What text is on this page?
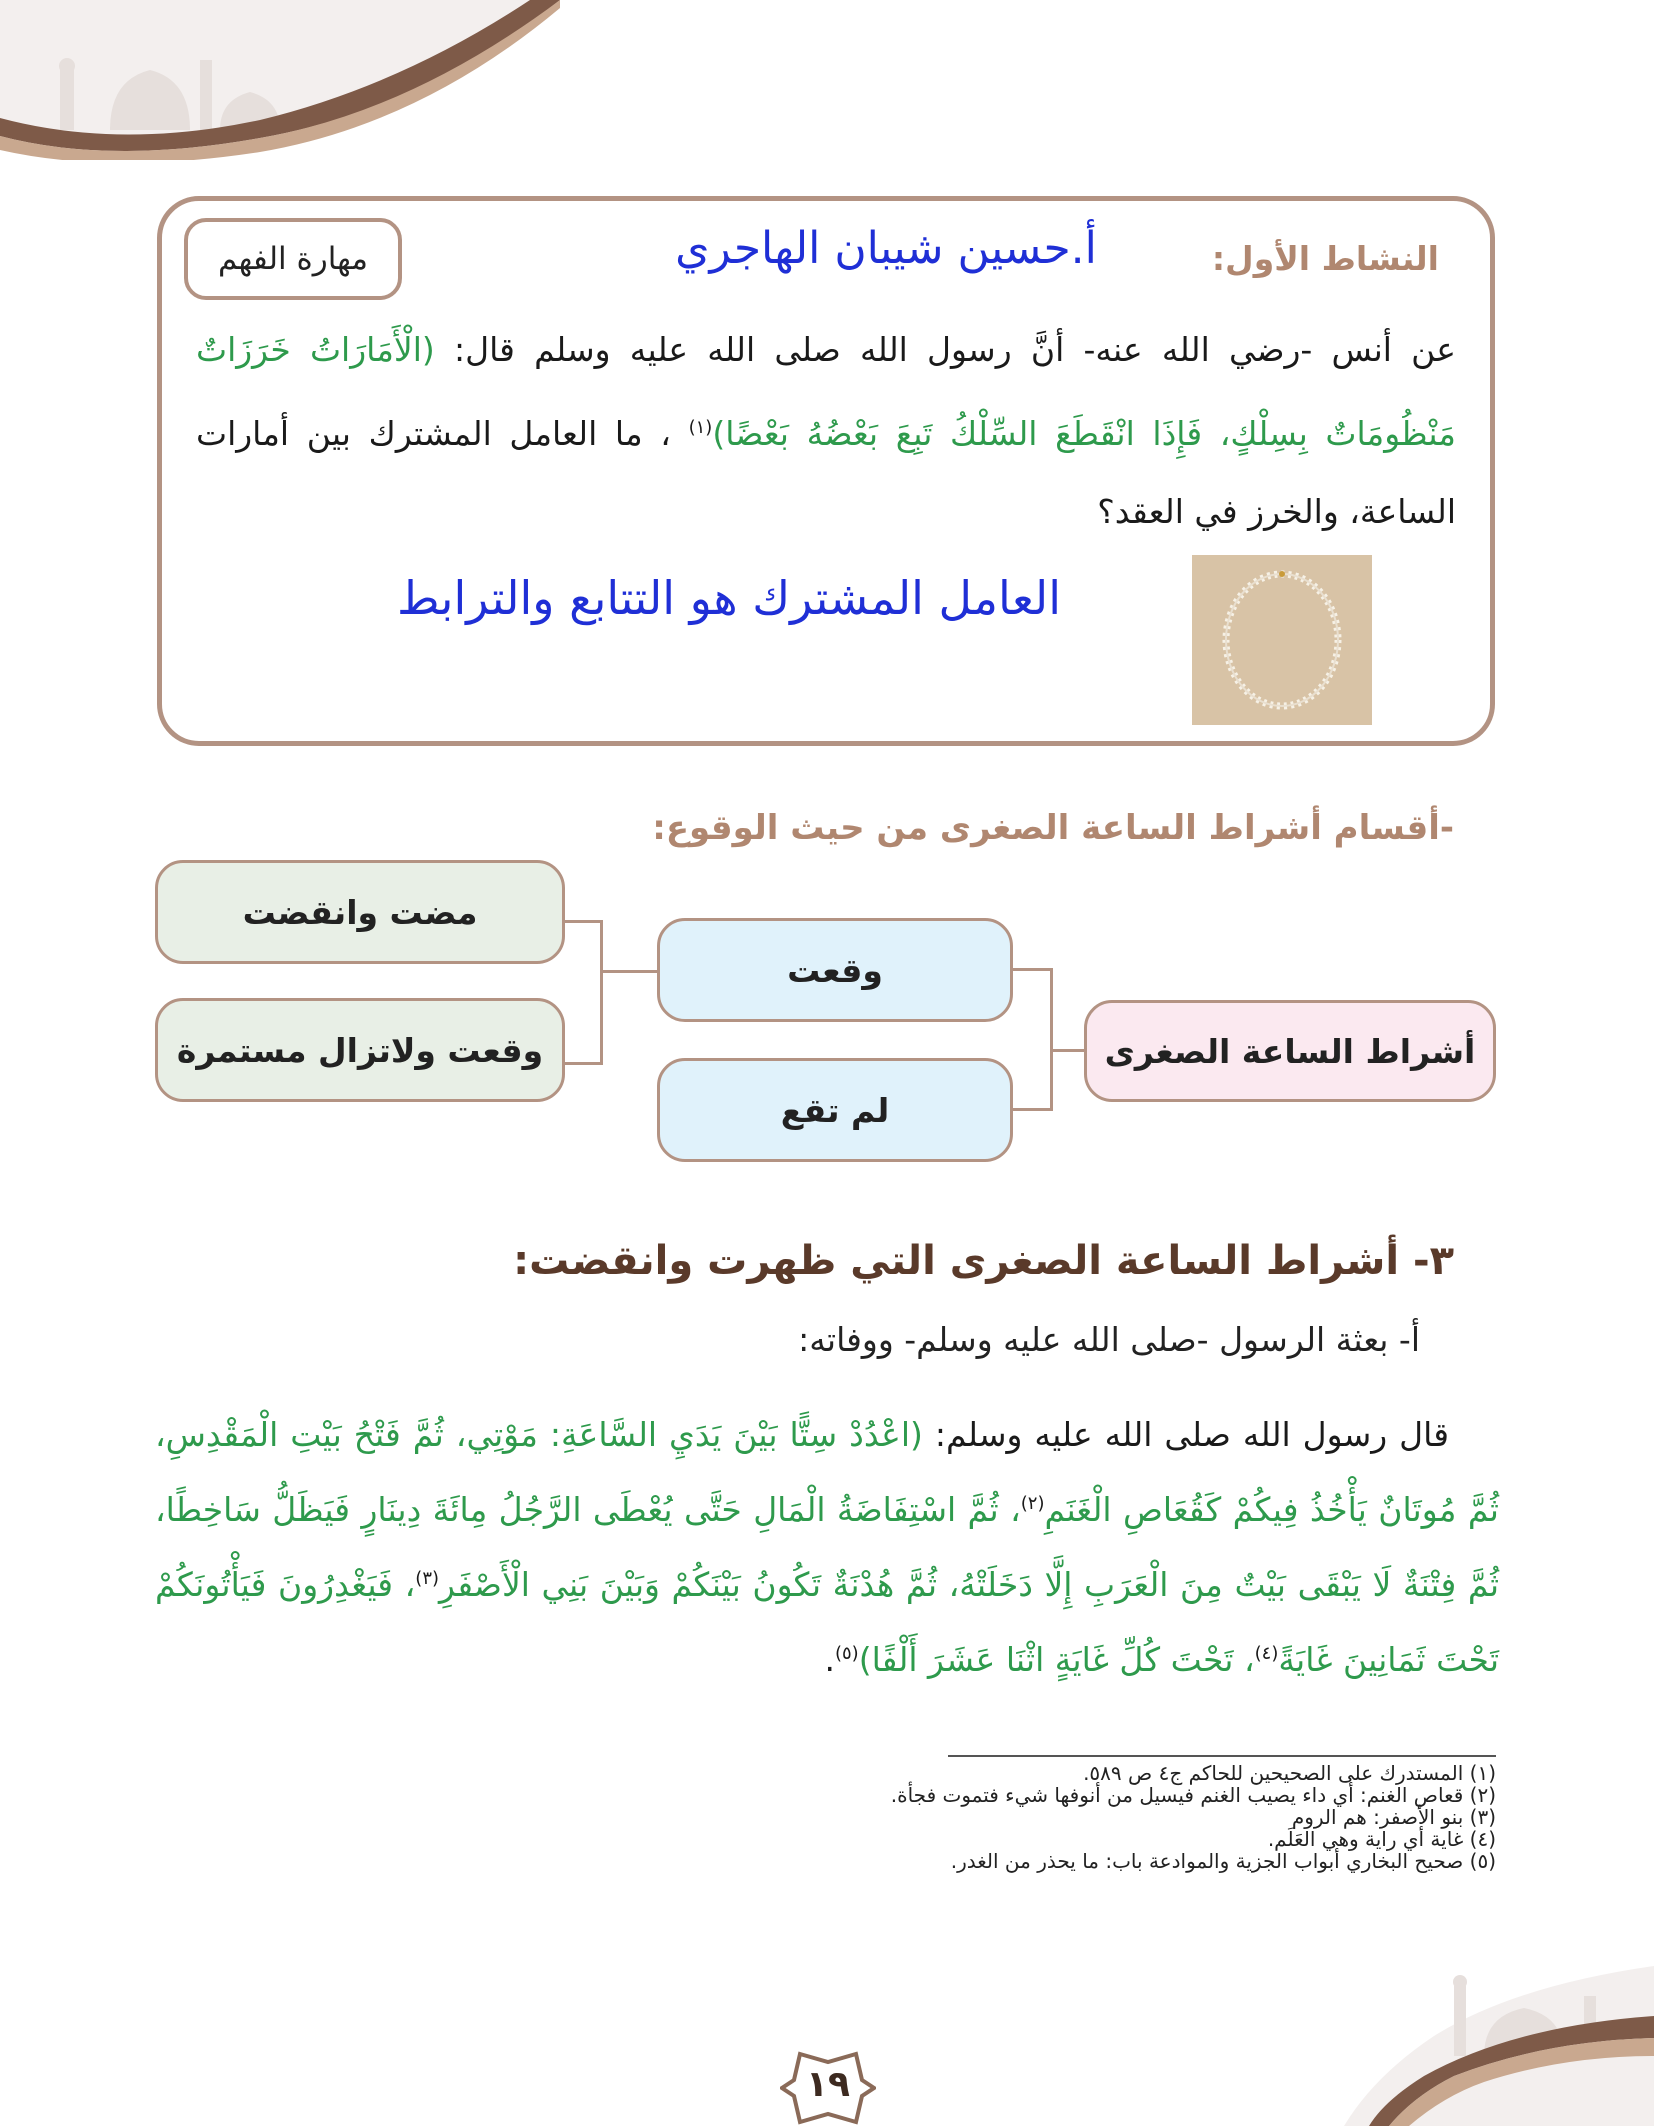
النشاط الأول:
أ.حسين شيبان الهاجري
مهارة الفهم
عن أنس -رضي الله عنه- أنَّ رسول الله صلى الله عليه وسلم قال: (الْأَمَارَاتُ خَرَزَاتٌ مَنْظُومَاتٌ بِسِلْكٍ، فَإِذَا انْقَطَعَ السِّلْكُ تَبِعَ بَعْضُهُ بَعْضًا)$^{(١)}$ ، ما العامل المشترك بين أمارات الساعة، والخرز في العقد؟
العامل المشترك هو التتابع والترابط
-أقسام أشراط الساعة الصغرى من حيث الوقوع:
أشراط الساعة الصغرى
وقعت
لم تقع
مضت وانقضت
وقعت ولاتزال مستمرة
٣- أشراط الساعة الصغرى التي ظهرت وانقضت:
أ- بعثة الرسول -صلى الله عليه وسلم- ووفاته:
قال رسول الله صلى الله عليه وسلم: (اعْدُدْ سِتًّا بَيْنَ يَدَيِ السَّاعَةِ: مَوْتِي، ثُمَّ فَتْحُ بَيْتِ الْمَقْدِسِ، ثُمَّ مُوتَانٌ يَأْخُذُ فِيكُمْ كَقُعَاصِ الْغَنَمِ$^{(٢)}$، ثُمَّ اسْتِفَاضَةُ الْمَالِ حَتَّى يُعْطَى الرَّجُلُ مِائَةَ دِينَارٍ فَيَظَلُّ سَاخِطًا، ثُمَّ فِتْنَةٌ لَا يَبْقَى بَيْتٌ مِنَ الْعَرَبِ إِلَّا دَخَلَتْهُ، ثُمَّ هُدْنَةٌ تَكُونُ بَيْنَكُمْ وَبَيْنَ بَنِي الْأَصْفَرِ$^{(٣)}$، فَيَغْدِرُونَ فَيَأْتُونَكُمْ تَحْتَ ثَمَانِينَ غَايَةً$^{(٤)}$، تَحْتَ كُلِّ غَايَةٍ اثْنَا عَشَرَ أَلْفًا)$^{(٥)}$.
(١) المستدرك على الصحيحين للحاكم ج٤ ص ٥٨٩.
(٢) قعاص الغنم: أي داء يصيب الغنم فيسيل من أنوفها شيء فتموت فجأة.
(٣) بنو الأصفر: هم الروم
(٤) غاية أي راية وهي العَلَم.
(٥) صحيح البخاري أبواب الجزية والموادعة باب: ما يحذر من الغدر.
١٩
